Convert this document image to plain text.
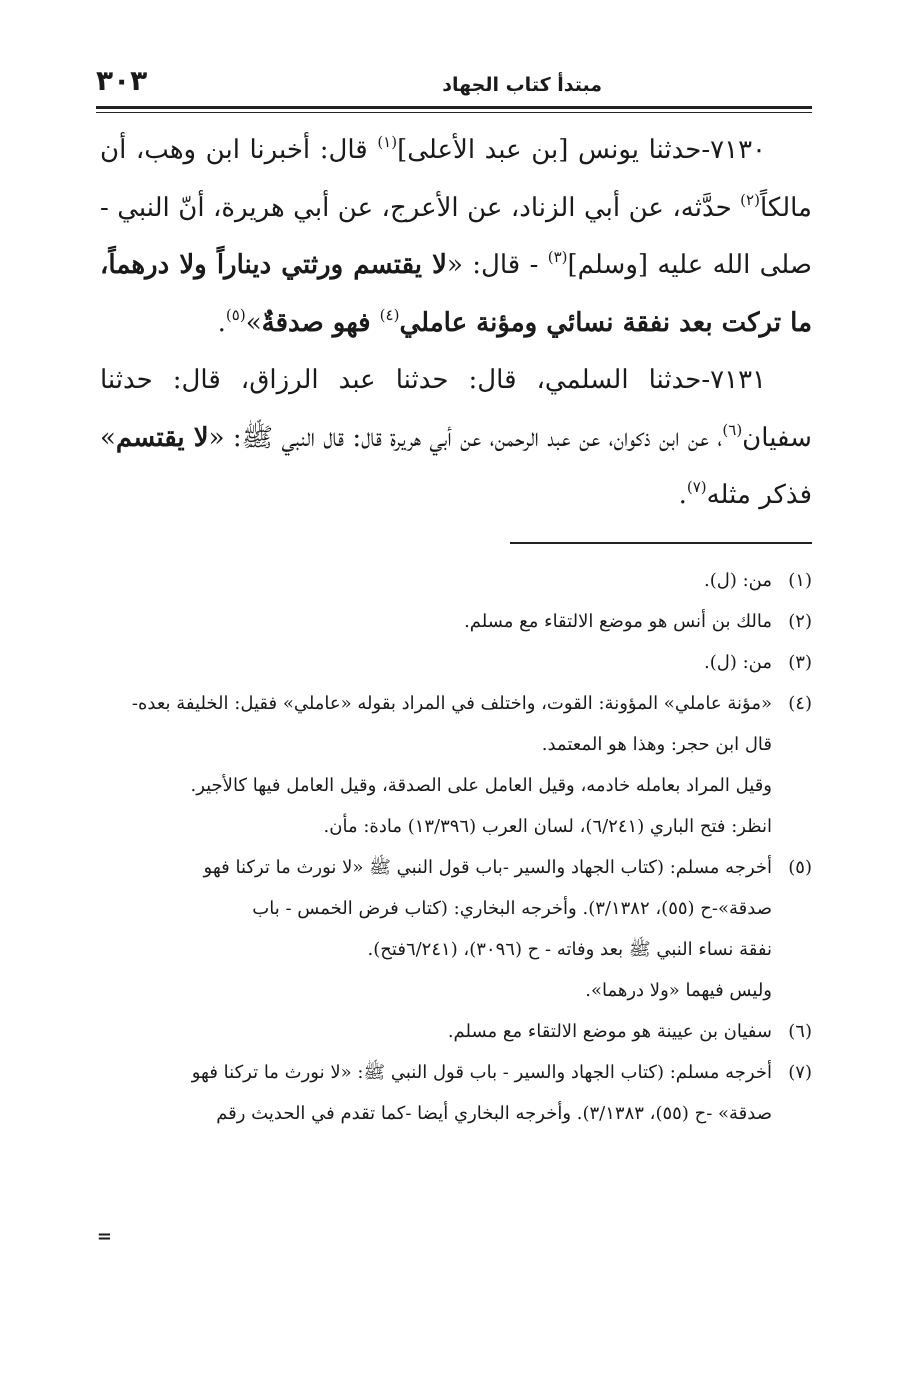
مبتدأ كتاب الجهاد
٣٠٣

٧١٣٠-حدثنا يونس [بن عبد الأعلى]$^{(١)}$ قال: أخبرنا ابن وهب، أن مالكاً$^{(٢)}$ حدَّثه، عن أبي الزناد، عن الأعرج، عن أبي هريرة، أنّ النبي - صلى الله عليه [وسلم]$^{(٣)}$ - قال: «لا يقتسم ورثتي ديناراً ولا درهماً، ما تركت بعد نفقة نسائي ومؤنة عاملي$^{(٤)}$ فهو صدقةٌ»$^{(٥)}$.

٧١٣١-حدثنا السلمي، قال: حدثنا عبد الرزاق، قال: حدثنا سفيان$^{(٦)}$، عن ابن ذكوان، عن عبد الرحمن، عن أبي هريرة قال: قال النبي ﷺ: «لا يقتسم» فذكر مثله$^{(٧)}$.

(١)
من: (ل).
(٢)
مالك بن أنس هو موضع الالتقاء مع مسلم.
(٣)
من: (ل).
(٤)
«مؤنة عاملي» المؤونة: القوت، واختلف في المراد بقوله «عاملي» فقيل: الخليفة بعده-
قال ابن حجر: وهذا هو المعتمد.
وقيل المراد بعامله خادمه، وقيل العامل على الصدقة، وقيل العامل فيها كالأجير.
انظر: فتح الباري (٦/٢٤١)، لسان العرب (١٣/٣٩٦) مادة: مأن.
(٥)
أخرجه مسلم: (كتاب الجهاد والسير -باب قول النبي ﷺ «لا نورث ما تركنا فهو
صدقة»-ح (٥٥)، ٣/١٣٨٢). وأخرجه البخاري: (كتاب فرض الخمس - باب
نفقة نساء النبي ﷺ بعد وفاته - ح (٣٠٩٦)، (٦/٢٤١فتح).
وليس فيهما «ولا درهما».
(٦)
سفيان بن عيينة هو موضع الالتقاء مع مسلم.
(٧)
أخرجه مسلم: (كتاب الجهاد والسير - باب قول النبي ﷺ: «لا نورث ما تركنا فهو
صدقة» -ح (٥٥)، ٣/١٣٨٣). وأخرجه البخاري أيضا -كما تقدم في الحديث رقم
=
